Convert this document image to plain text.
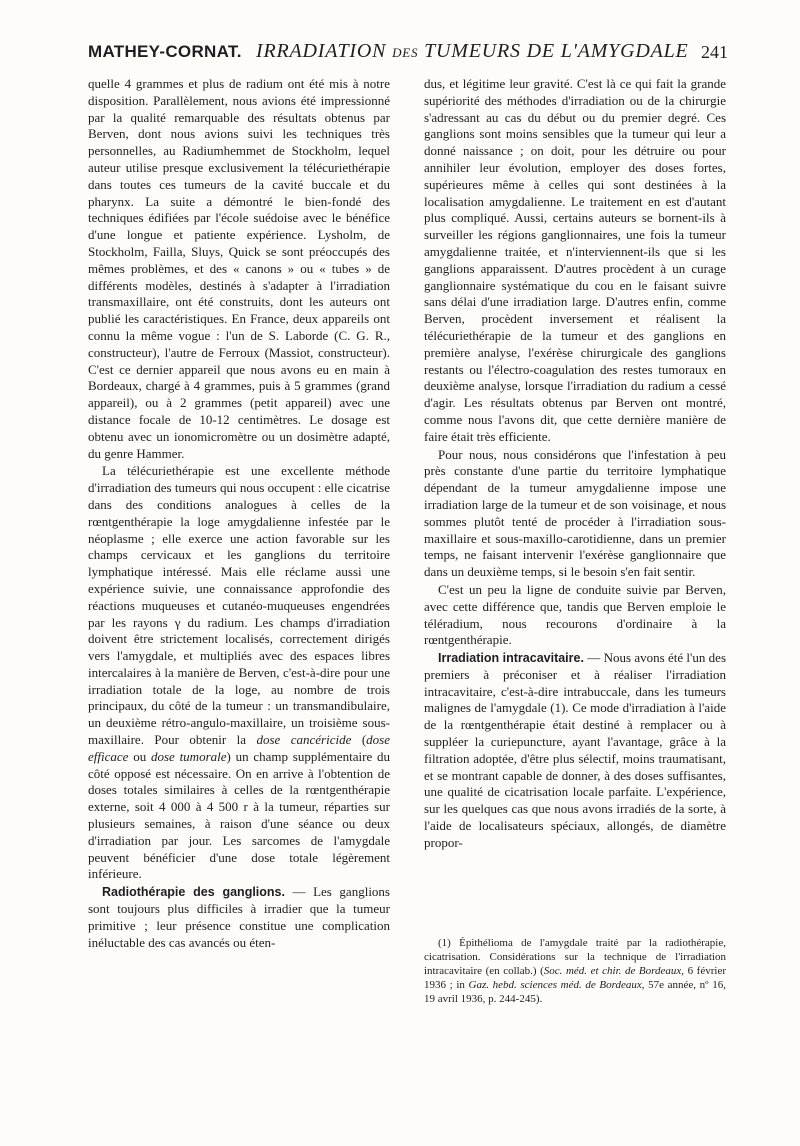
MATHEY-CORNAT. IRRADIATION DES TUMEURS DE L'AMYGDALE 241

quelle 4 grammes et plus de radium ont été mis à notre disposition. Parallèlement, nous avions été impressionné par la qualité remarquable des résultats obtenus par Berven, dont nous avions suivi les techniques très personnelles, au Radiumhemmet de Stockholm, lequel auteur utilise presque exclusivement la télécuriethérapie dans toutes ces tumeurs de la cavité buccale et du pharynx. La suite a démontré le bien-fondé des techniques édifiées par l'école suédoise avec le bénéfice d'une longue et patiente expérience. Lysholm, de Stockholm, Failla, Sluys, Quick se sont préoccupés des mêmes problèmes, et des « canons » ou « tubes » de différents modèles, destinés à s'adapter à l'irradiation transmaxillaire, ont été construits, dont les auteurs ont publié les caractéristiques. En France, deux appareils ont connu la même vogue : l'un de S. Laborde (C. G. R., constructeur), l'autre de Ferroux (Massiot, constructeur). C'est ce dernier appareil que nous avons eu en main à Bordeaux, chargé à 4 grammes, puis à 5 grammes (grand appareil), ou à 2 grammes (petit appareil) avec une distance focale de 10-12 centimètres. Le dosage est obtenu avec un ionomicromètre ou un dosimètre adapté, du genre Hammer.

La télécuriethérapie est une excellente méthode d'irradiation des tumeurs qui nous occupent : elle cicatrise dans des conditions analogues à celles de la rœntgenthérapie la loge amygdalienne infestée par le néoplasme ; elle exerce une action favorable sur les champs cervicaux et les ganglions du territoire lymphatique intéressé. Mais elle réclame aussi une expérience suivie, une connaissance approfondie des réactions muqueuses et cutanéo-muqueuses engendrées par les rayons γ du radium. Les champs d'irradiation doivent être strictement localisés, correctement dirigés vers l'amygdale, et multipliés avec des espaces libres intercalaires à la manière de Berven, c'est-à-dire pour une irradiation totale de la loge, au nombre de trois principaux, du côté de la tumeur : un transmandibulaire, un deuxième rétro-angulo-maxillaire, un troisième sous-maxillaire. Pour obtenir la dose cancéricide (dose efficace ou dose tumorale) un champ supplémentaire du côté opposé est nécessaire. On en arrive à l'obtention de doses totales similaires à celles de la rœntgenthérapie externe, soit 4 000 à 4 500 r à la tumeur, réparties sur plusieurs semaines, à raison d'une séance ou deux d'irradiation par jour. Les sarcomes de l'amygdale peuvent bénéficier d'une dose totale légèrement inférieure.

Radiothérapie des ganglions. — Les ganglions sont toujours plus difficiles à irradier que la tumeur primitive ; leur présence constitue une complication inéluctable des cas avancés ou éten-

dus, et légitime leur gravité. C'est là ce qui fait la grande supériorité des méthodes d'irradiation ou de la chirurgie s'adressant au cas du début ou du premier degré. Ces ganglions sont moins sensibles que la tumeur qui leur a donné naissance ; on doit, pour les détruire ou pour annihiler leur évolution, employer des doses fortes, supérieures même à celles qui sont destinées à la localisation amygdalienne. Le traitement en est d'autant plus compliqué. Aussi, certains auteurs se bornent-ils à surveiller les régions ganglionnaires, une fois la tumeur amygdalienne traitée, et n'interviennent-ils que si les ganglions apparaissent. D'autres procèdent à un curage ganglionnaire systématique du cou en le faisant suivre sans délai d'une irradiation large. D'autres enfin, comme Berven, procèdent inversement et réalisent la télécuriethérapie de la tumeur et des ganglions en première analyse, l'exérèse chirurgicale des ganglions restants ou l'électro-coagulation des restes tumoraux en deuxième analyse, lorsque l'irradiation du radium a cessé d'agir. Les résultats obtenus par Berven ont montré, comme nous l'avons dit, que cette dernière manière de faire était très efficiente.

Pour nous, nous considérons que l'infestation à peu près constante d'une partie du territoire lymphatique dépendant de la tumeur amygdalienne impose une irradiation large de la tumeur et de son voisinage, et nous sommes plutôt tenté de procéder à l'irradiation sous-maxillaire et sous-maxillo-carotidienne, dans un premier temps, ne faisant intervenir l'exérèse ganglionnaire que dans un deuxième temps, si le besoin s'en fait sentir.

C'est un peu la ligne de conduite suivie par Berven, avec cette différence que, tandis que Berven emploie le téléradium, nous recourons d'ordinaire à la rœntgenthérapie.

Irradiation intracavitaire. — Nous avons été l'un des premiers à préconiser et à réaliser l'irradiation intracavitaire, c'est-à-dire intrabuccale, dans les tumeurs malignes de l'amygdale (1). Ce mode d'irradiation à l'aide de la rœntgenthérapie était destiné à remplacer ou à suppléer la curiepuncture, ayant l'avantage, grâce à la filtration adoptée, d'être plus sélectif, moins traumatisant, et se montrant capable de donner, à des doses suffisantes, une qualité de cicatrisation locale parfaite. L'expérience, sur les quelques cas que nous avons irradiés de la sorte, à l'aide de localisateurs spéciaux, allongés, de diamètre propor-

(1) Épithélioma de l'amygdale traité par la radiothérapie, cicatrisation. Considérations sur la technique de l'irradiation intracavitaire (en collab.) (Soc. méd. et chir. de Bordeaux, 6 février 1936 ; in Gaz. hebd. sciences méd. de Bordeaux, 57e année, nº 16, 19 avril 1936, p. 244-245).
